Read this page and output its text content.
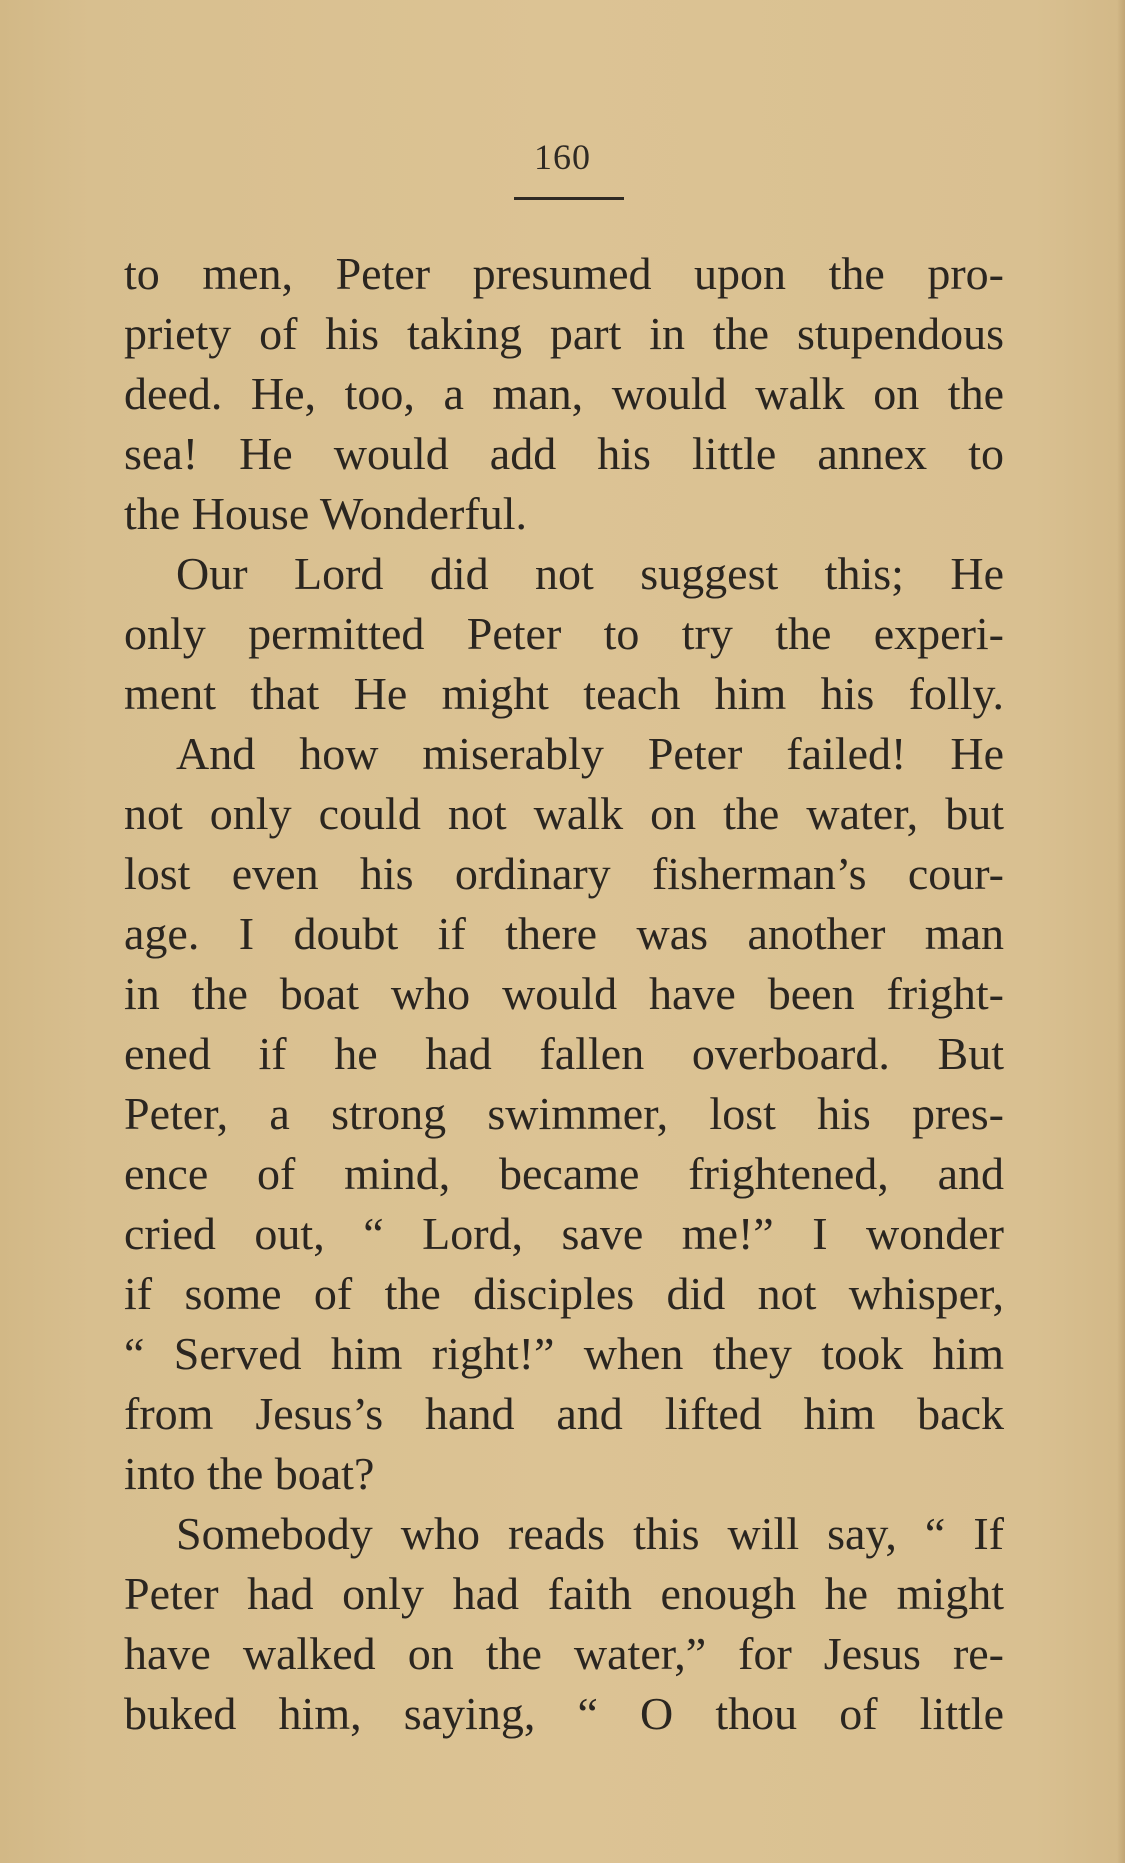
160
to men, Peter presumed upon the pro-
priety of his taking part in the stupendous
deed. He, too, a man, would walk on the
sea! He would add his little annex to
the House Wonderful.
Our Lord did not suggest this; He
only permitted Peter to try the experi-
ment that He might teach him his folly.
And how miserably Peter failed! He
not only could not walk on the water, but
lost even his ordinary fisherman’s cour-
age. I doubt if there was another man
in the boat who would have been fright-
ened if he had fallen overboard. But
Peter, a strong swimmer, lost his pres-
ence of mind, became frightened, and
cried out, “ Lord, save me!” I wonder
if some of the disciples did not whisper,
“ Served him right!” when they took him
from Jesus’s hand and lifted him back
into the boat?
Somebody who reads this will say, “ If
Peter had only had faith enough he might
have walked on the water,” for Jesus re-
buked him, saying, “ O thou of little
